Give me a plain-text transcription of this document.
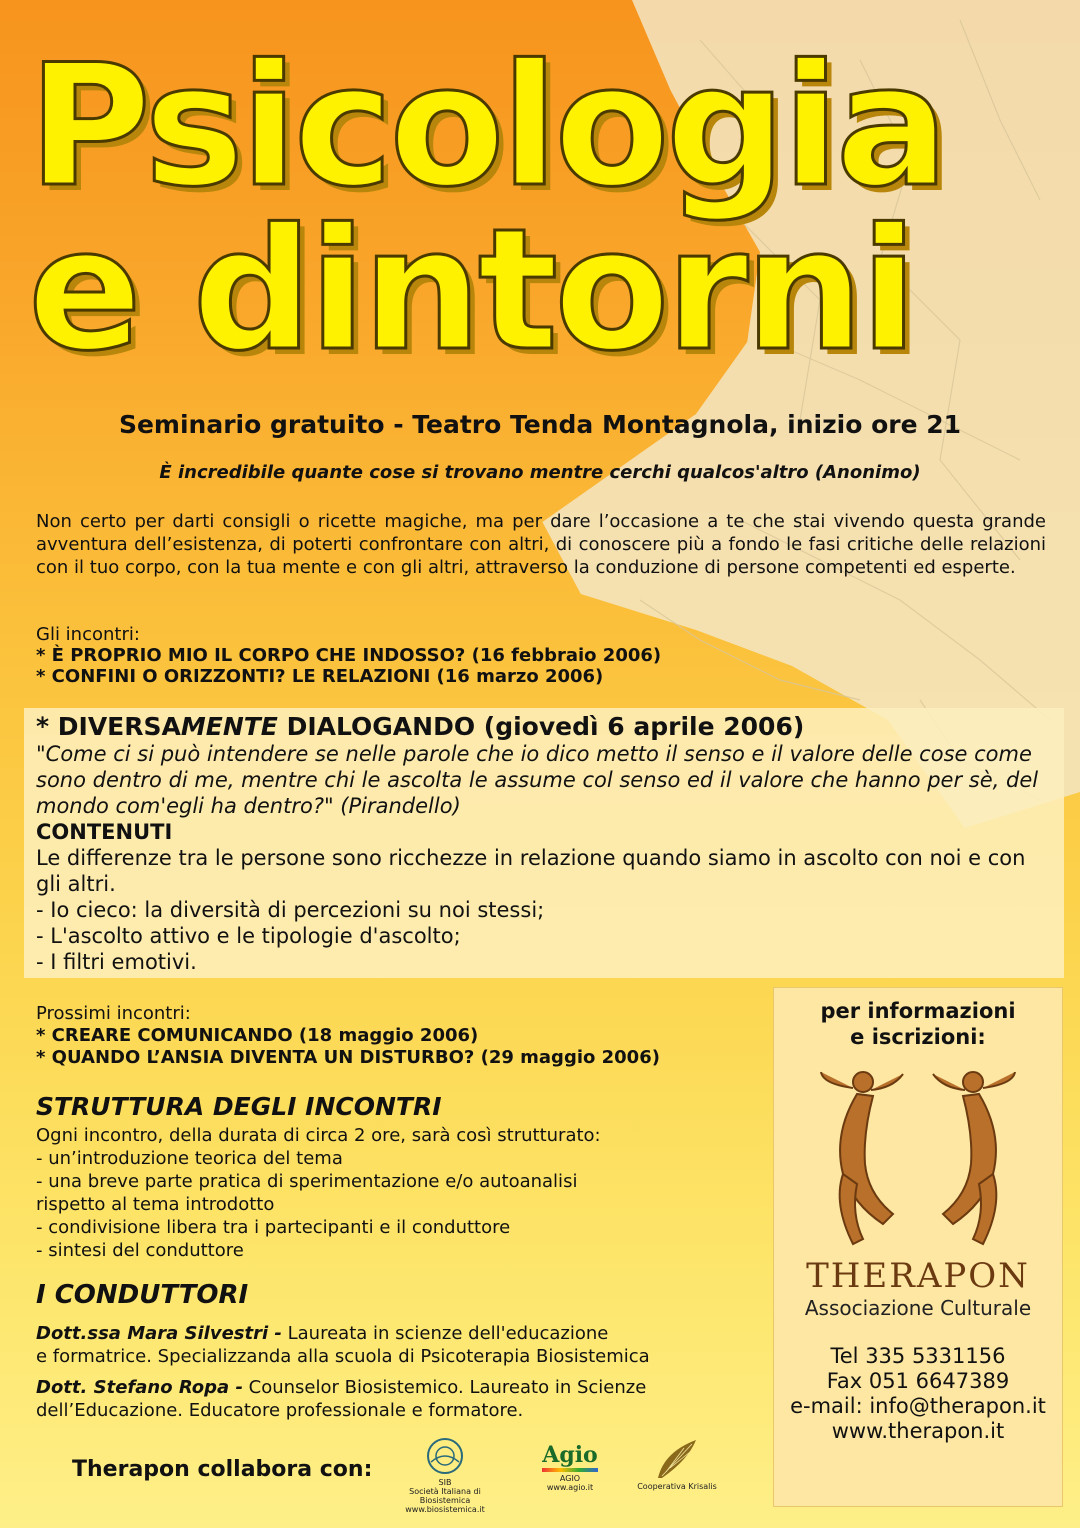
Psicologia
e dintorni
Seminario gratuito - Teatro Tenda Montagnola, inizio ore 21
È incredibile quante cose si trovano mentre cerchi qualcos'altro (Anonimo)
Non certo per darti consigli o ricette magiche, ma per dare l’occasione a te che stai vivendo questa grande avventura dell’esistenza, di poterti confrontare con altri, di conoscere più a fondo le fasi critiche delle relazioni con il tuo corpo, con la tua mente e con gli altri, attraverso la conduzione di persone competenti ed esperte.
Gli incontri:
* È PROPRIO MIO IL CORPO CHE INDOSSO? (16 febbraio 2006)
* CONFINI O ORIZZONTI? LE RELAZIONI (16 marzo 2006)
* DIVERSAMENTE DIALOGANDO (giovedì 6 aprile 2006)
"Come ci si può intendere se nelle parole che io dico metto il senso e il valore delle cose come sono dentro di me, mentre chi le ascolta le assume col senso ed il valore che hanno per sè, del mondo com'egli ha dentro?" (Pirandello)
CONTENUTI
Le differenze tra le persone sono ricchezze in relazione quando siamo in ascolto con noi e con gli altri.
- Io cieco: la diversità di percezioni su noi stessi;
- L'ascolto attivo e le tipologie d'ascolto;
- I filtri emotivi.
Prossimi incontri:
* CREARE COMUNICANDO (18 maggio 2006)
* QUANDO L’ANSIA DIVENTA UN DISTURBO? (29 maggio 2006)
STRUTTURA DEGLI INCONTRI
Ogni incontro, della durata di circa 2 ore, sarà così strutturato:
- un’introduzione teorica del tema
- una breve parte pratica di sperimentazione e/o autoanalisi
rispetto al tema introdotto
- condivisione libera tra i partecipanti e il conduttore
- sintesi del conduttore
I CONDUTTORI
Dott.ssa Mara Silvestri - Laureata in scienze dell'educazione
e formatrice. Specializzanda alla scuola di Psicoterapia Biosistemica
Dott. Stefano Ropa - Counselor Biosistemico. Laureato in Scienze
dell’Educazione. Educatore professionale e formatore.
Therapon collabora con:
SIB
Società Italiana di Biosistemica
www.biosistemica.it
Agio
AGIO
www.agio.it	Cooperativa Krisalis
per informazioni
e iscrizioni:
THERAPON
Associazione Culturale
Tel 335 5331156
Fax 051 6647389
e-mail: info@therapon.it
www.therapon.it
